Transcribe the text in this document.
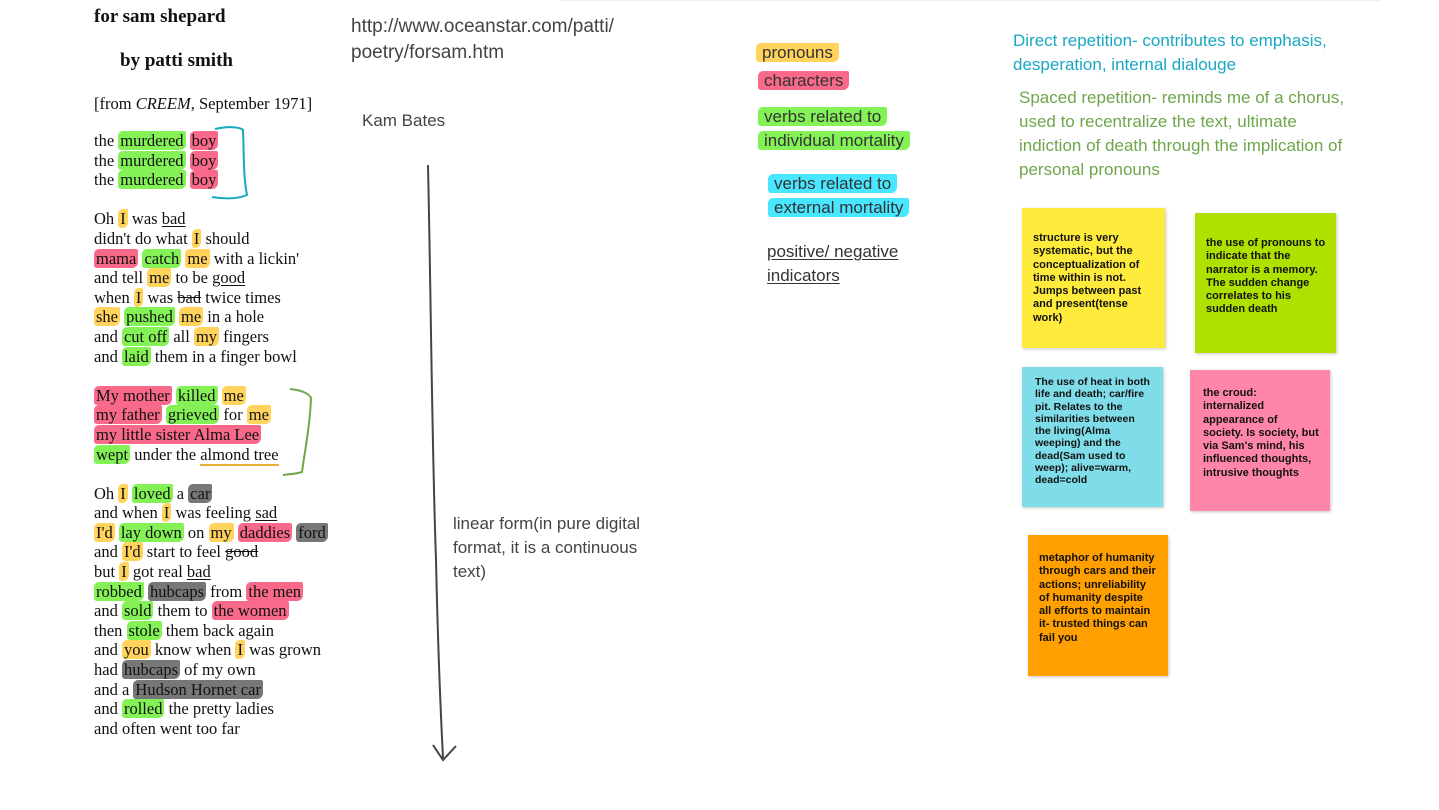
for sam shepard
by patti smith
[from CREEM, September 1971]
the murdered boy
the murdered boy
the murdered boy
Oh I was bad
didn't do what I should
mama catch me with a lickin'
and tell me to be good
when I was bad twice times
she pushed me in a hole
and cut off all my fingers
and laid them in a finger bowl
My mother killed me
my father grieved for me
my little sister Alma Lee
wept under the almond tree
Oh I loved a car
and when I was feeling sad
I'd lay down on my daddies ford
and I'd start to feel good
but I got real bad
robbed hubcaps from the men
and sold them to the women
then stole them back again
and you know when I was grown
had hubcaps of my own
and a Hudson Hornet car
and rolled the pretty ladies
and often went too far
http://www.oceanstar.com/patti/
poetry/forsam.htm
Kam Bates
linear form(in pure digital format, it is a continuous text)
pronouns
characters
verbs related to
individual mortality
verbs related to
external mortality
positive/ negative
indicators
Direct repetition- contributes to emphasis, desperation, internal dialouge
Spaced repetition- reminds me of a chorus, used to recentralize the text, ultimate indiction of death through the implication of personal pronouns
structure is very systematic, but the conceptualization of time within is not. Jumps between past and present(tense work)
the use of pronouns to indicate that the narrator is a memory. The sudden change correlates to his sudden death
The use of heat in both life and death; car/fire pit. Relates to the similarities between the living(Alma weeping) and the dead(Sam used to weep); alive=warm, dead=cold
the croud: internalized appearance of society. Is society, but via Sam's mind, his influenced thoughts, intrusive thoughts
metaphor of humanity through cars and their actions; unreliability of humanity despite all efforts to maintain it- trusted things can fail you
